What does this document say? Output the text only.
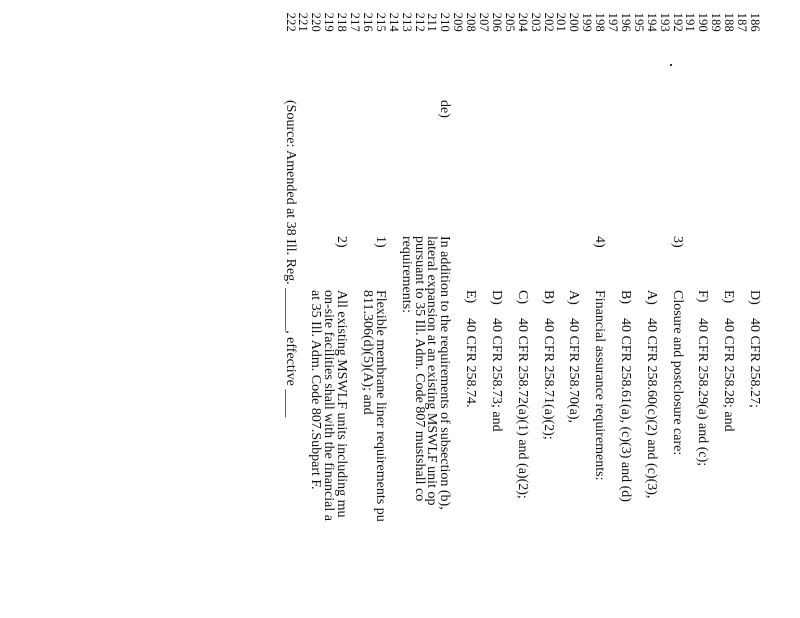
186
D)
40 CFR 258.27;
187
188
E)
40 CFR 258.28; and
189
190
F)
40 CFR 258.29(a) and (c);
191
192
3)
Closure and postclosure care:
193
194
A)
40 CFR 258.60(c)(2) and (c)(3),
195
196
B)
40 CFR 258.61(a), (c)(3) and (d)
197
198
4)
Financial assurance requirements:
199
200
A)
40 CFR 258.70(a),
201
202
B)
40 CFR 258.71(a)(2);
203
204
C)
40 CFR 258.72(a)(1) and (a)(2);
205
206
D)
40 CFR 258.73; and
207
208
E)
40 CFR 258.74.
209
210
de)
In addition to the requirements of subsection (b),
211
lateral expansion at an existing MSWLF unit op
212
pursuant to 35 Ill. Adm. Code 807 mustshall co
213
requirements:
214
215
1)
Flexible membrane liner requirements pu
216
811.306(d)(5)(A); and
217
218
2)
All existing MSWLF units including mu
219
on-site facilities shall with the financial a
220
at 35 Ill. Adm. Code 807.Subpart F.
221
222
(Source: Amended at 38 Ill. Reg. ______, effective ____
